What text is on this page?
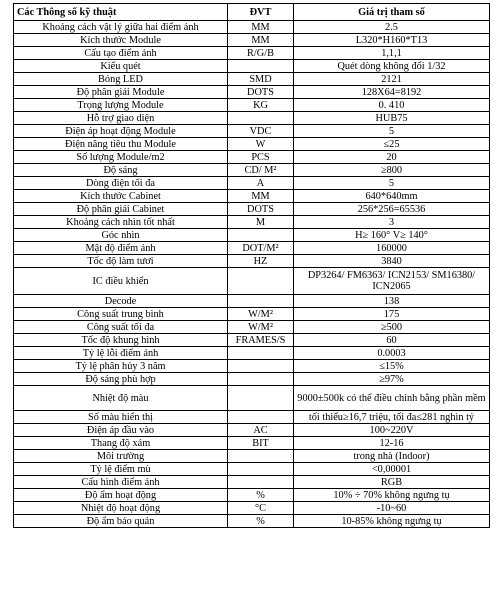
Các Thông số kỹ thuật	ĐVT	Giá trị tham số
Khoảng cách vật lý giữa hai điểm ảnh	MM	2.5
Kích thước Module	MM	L320*H160*T13
Cấu tạo điểm ảnh	R/G/B	1,1,1
Kiểu quét		Quét dòng không đổi 1/32
Bóng LED	SMD	2121
Độ phân giải Module	DOTS	128X64=8192
Trọng lượng Module	KG	0. 410
Hỗ trợ giao diện		HUB75
Điện áp hoạt động Module	VDC	5
Điện năng tiêu thu Module	W	≤25
Số lượng Module/m2	PCS	20
Độ sáng	CD/ M²	≥800
Dòng điện tối đa	A	5
Kích thước Cabinet	MM	640*640mm
Độ phân giải Cabinet	DOTS	256*256=65536
Khoảng cách nhìn tốt nhất	M	3
Góc nhìn		H≥ 160° V≥ 140°
Mật độ điểm ảnh	DOT/M²	160000
Tốc độ làm tươi	HZ	3840
IC điều khiển		DP3264/ FM6363/ ICN2153/ SM16380/ ICN2065
Decode		138
Công suất trung bình	W/M²	175
Công suất tối đa	W/M²	≥500
Tốc độ khung hình	FRAMES/S	60
Tỷ lệ lỗi điểm ảnh		0.0003
Tỷ lệ phân hủy 3 năm		≤15%
Độ sáng phù hợp		≥97%
Nhiệt độ màu		9000±500k có thể điều chỉnh bằng phần mềm
Số màu hiển thị		tối thiểu≥16,7 triệu, tối đa≤281 nghìn tỷ
Điện áp đầu vào	AC	100~220V
Thang độ xám	BIT	12-16
Môi trường		trong nhà (Indoor)
Tỷ lệ điểm mù		<0,00001
Cấu hình điểm ảnh		RGB
Độ ẩm hoạt động	%	10% ÷ 70% không ngưng tụ
Nhiệt độ hoạt động	°C	-10~60
Độ ẩm bảo quản	%	10-85% không ngưng tụ
